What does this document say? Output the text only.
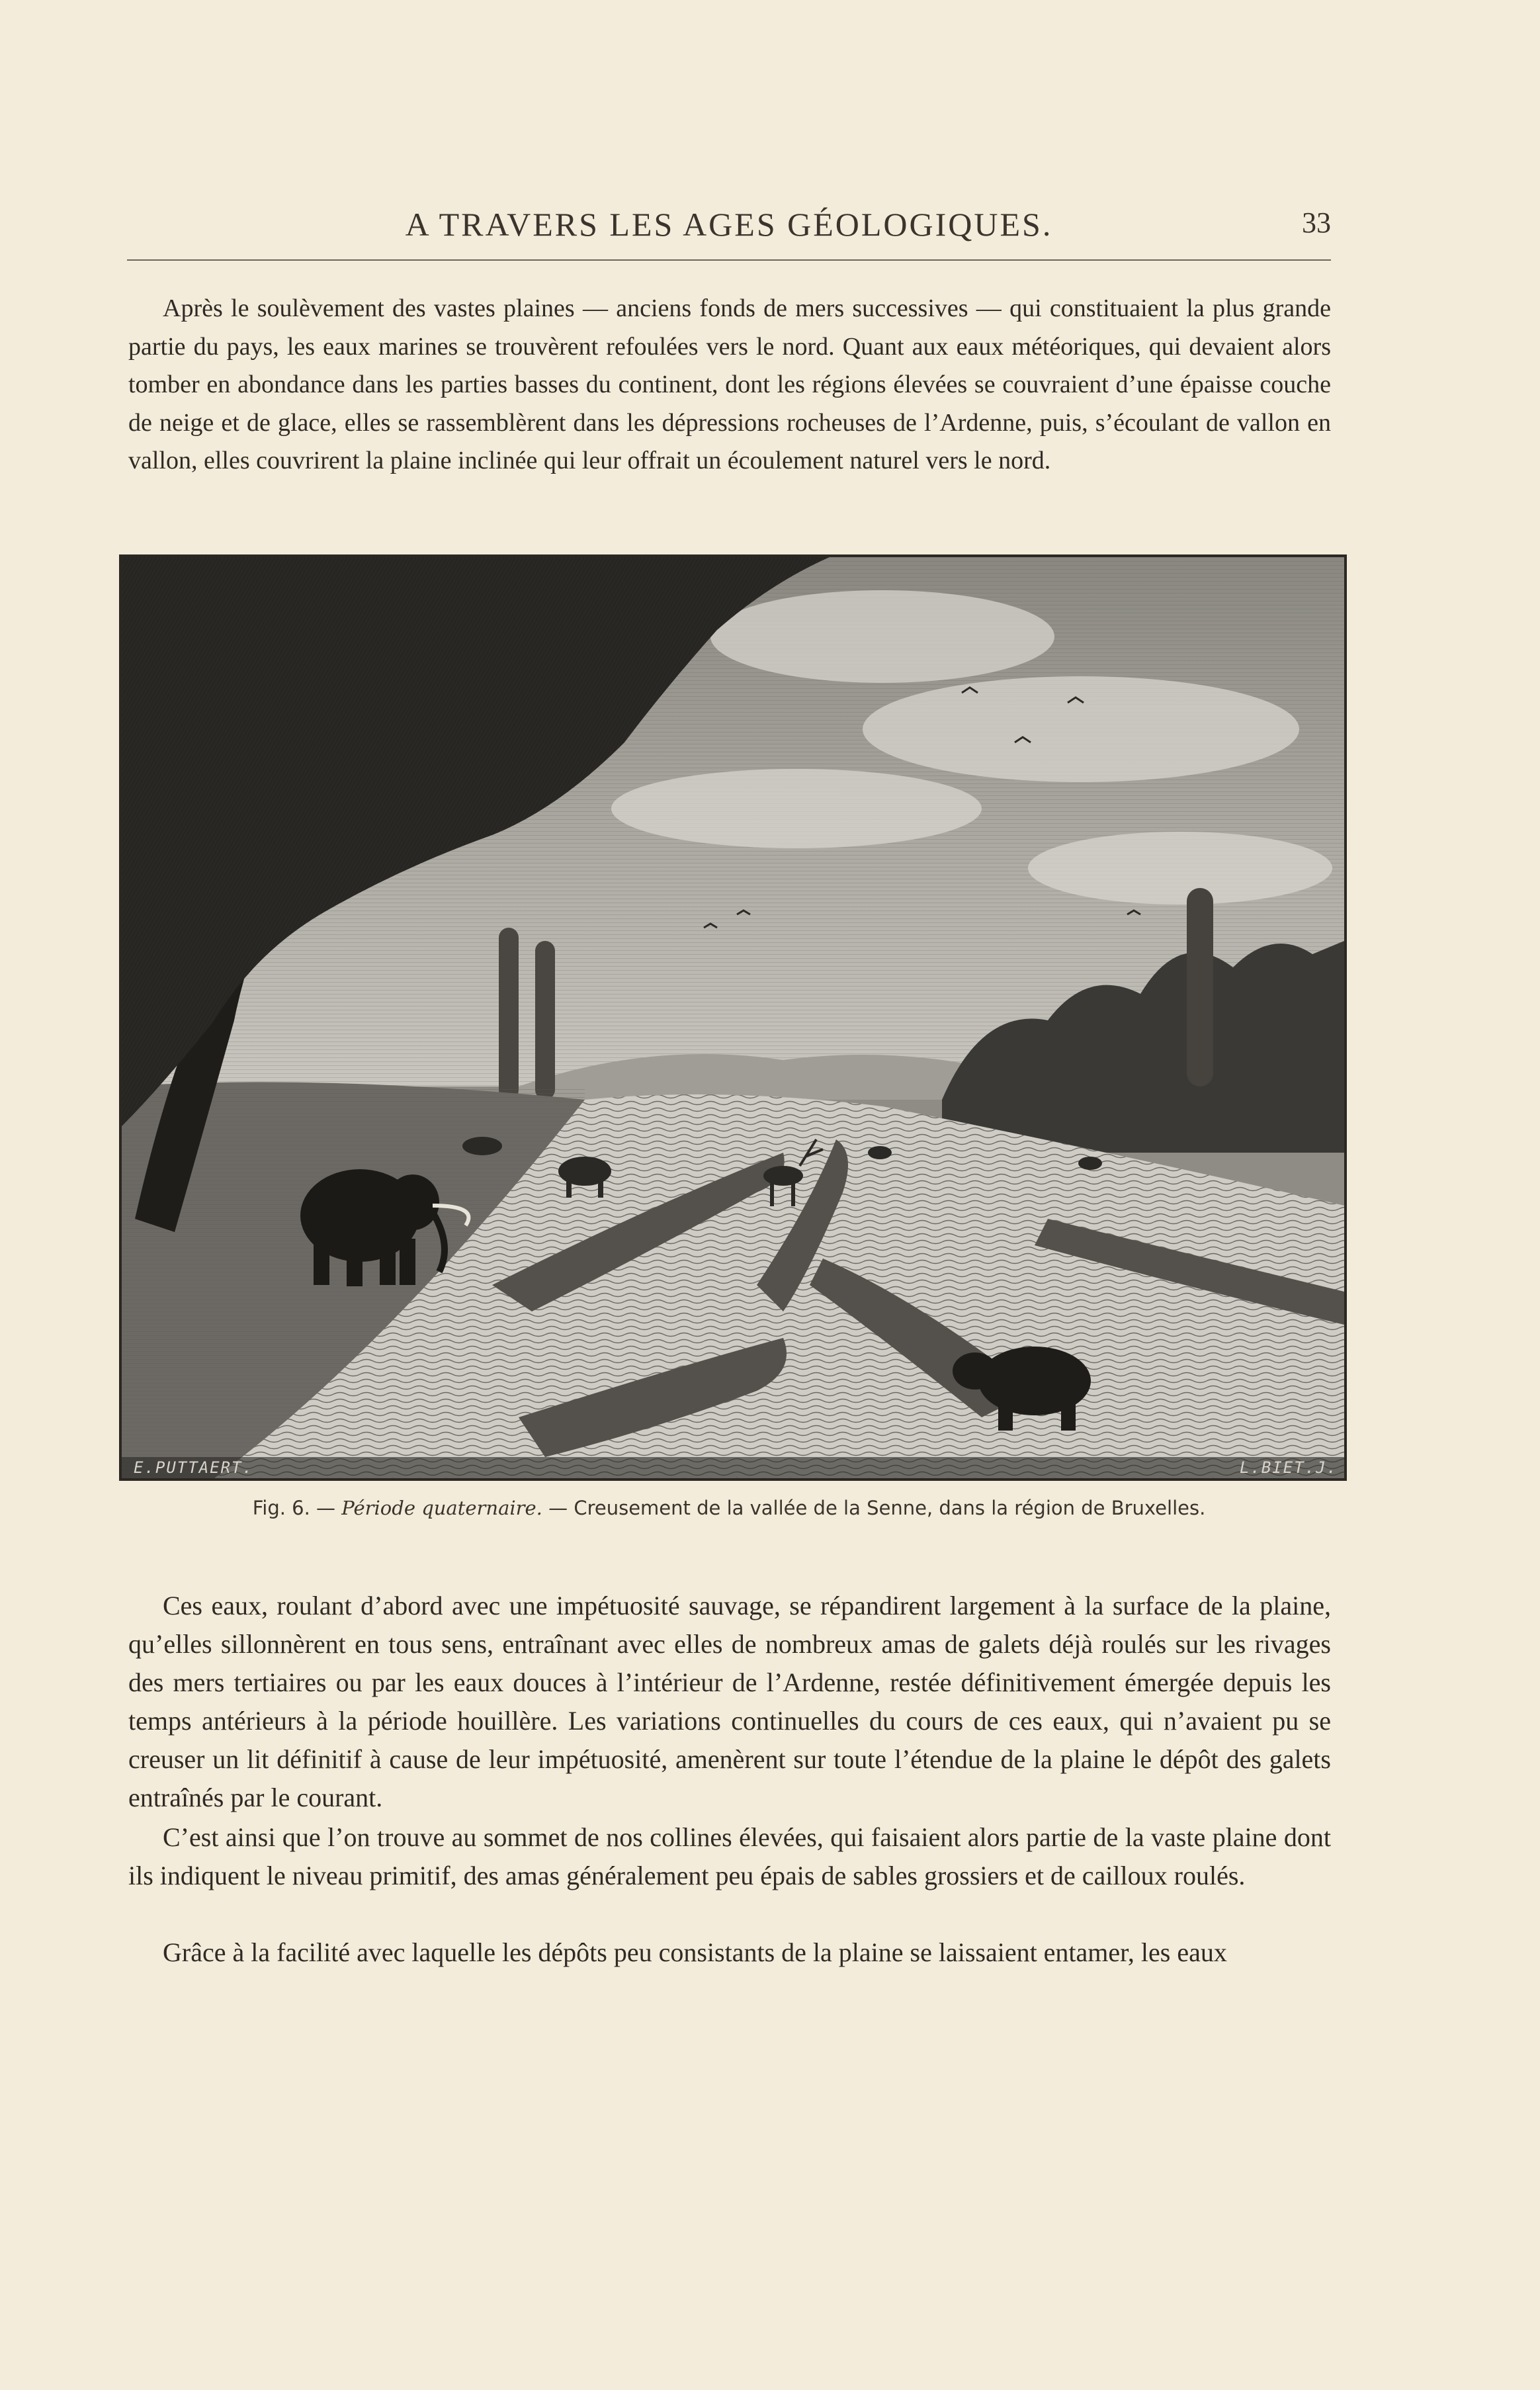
A TRAVERS LES AGES GÉOLOGIQUES.	33

Après le soulèvement des vastes plaines — anciens fonds de mers successives — qui constituaient la plus grande partie du pays, les eaux marines se trouvèrent refoulées vers le nord. Quant aux eaux météoriques, qui devaient alors tomber en abondance dans les parties basses du continent, dont les régions élevées se couvraient d’une épaisse couche de neige et de glace, elles se rassemblèrent dans les dépressions rocheuses de l’Ardenne, puis, s’écoulant de vallon en vallon, elles couvrirent la plaine inclinée qui leur offrait un écoulement naturel vers le nord.

E.PUTTAERT.	L.BIET.J.
Fig. 6. — Période quaternaire. — Creusement de la vallée de la Senne, dans la région de Bruxelles.

Ces eaux, roulant d’abord avec une impétuosité sauvage, se répandirent largement à la surface de la plaine, qu’elles sillonnèrent en tous sens, entraînant avec elles de nombreux amas de galets déjà roulés sur les rivages des mers tertiaires ou par les eaux douces à l’intérieur de l’Ardenne, restée définitivement émergée depuis les temps antérieurs à la période houillère. Les variations continuelles du cours de ces eaux, qui n’avaient pu se creuser un lit définitif à cause de leur impétuosité, amenèrent sur toute l’étendue de la plaine le dépôt des galets entraînés par le courant.

C’est ainsi que l’on trouve au sommet de nos collines élevées, qui faisaient alors partie de la vaste plaine dont ils indiquent le niveau primitif, des amas généralement peu épais de sables grossiers et de cailloux roulés.

Grâce à la facilité avec laquelle les dépôts peu consistants de la plaine se laissaient entamer, les eaux
